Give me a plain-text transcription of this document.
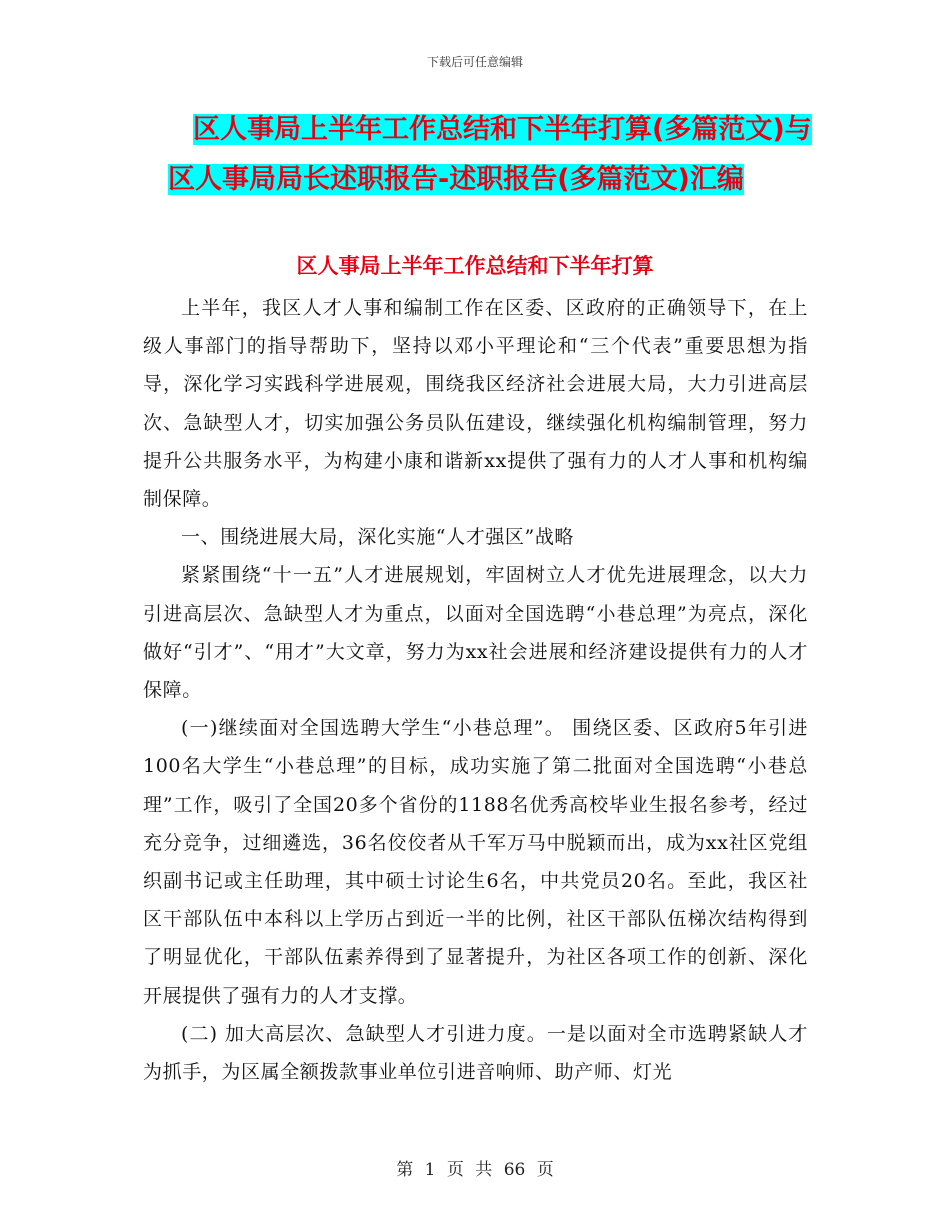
下载后可任意编辑
区人事局上半年工作总结和下半年打算(多篇范文)与
区人事局局长述职报告-述职报告(多篇范文)汇编
区人事局上半年工作总结和下半年打算

上半年，我区人才人事和编制工作在区委、区政府的正确领导下，在上级人事部门的指导帮助下，坚持以邓小平理论和“三个代表”重要思想为指导，深化学习实践科学进展观，围绕我区经济社会进展大局，大力引进高层次、急缺型人才，切实加强公务员队伍建设，继续强化机构编制管理，努力提升公共服务水平，为构建小康和谐新xx提供了强有力的人才人事和机构编制保障。

一、围绕进展大局，深化实施“人才强区”战略

紧紧围绕“十一五”人才进展规划，牢固树立人才优先进展理念，以大力引进高层次、急缺型人才为重点，以面对全国选聘“小巷总理”为亮点，深化做好“引才”、“用才”大文章，努力为xx社会进展和经济建设提供有力的人才保障。

(一)继续面对全国选聘大学生“小巷总理”。 围绕区委、区政府5年引进100名大学生“小巷总理”的目标，成功实施了第二批面对全国选聘“小巷总理”工作，吸引了全国20多个省份的1188名优秀高校毕业生报名参考，经过充分竞争，过细遴选，36名佼佼者从千军万马中脱颖而出，成为xx社区党组织副书记或主任助理，其中硕士讨论生6名，中共党员20名。至此，我区社区干部队伍中本科以上学历占到近一半的比例，社区干部队伍梯次结构得到了明显优化，干部队伍素养得到了显著提升，为社区各项工作的创新、深化开展提供了强有力的人才支撑。

(二) 加大高层次、急缺型人才引进力度。一是以面对全市选聘紧缺人才为抓手，为区属全额拨款事业单位引进音响师、助产师、灯光

第 1 页 共 66 页
